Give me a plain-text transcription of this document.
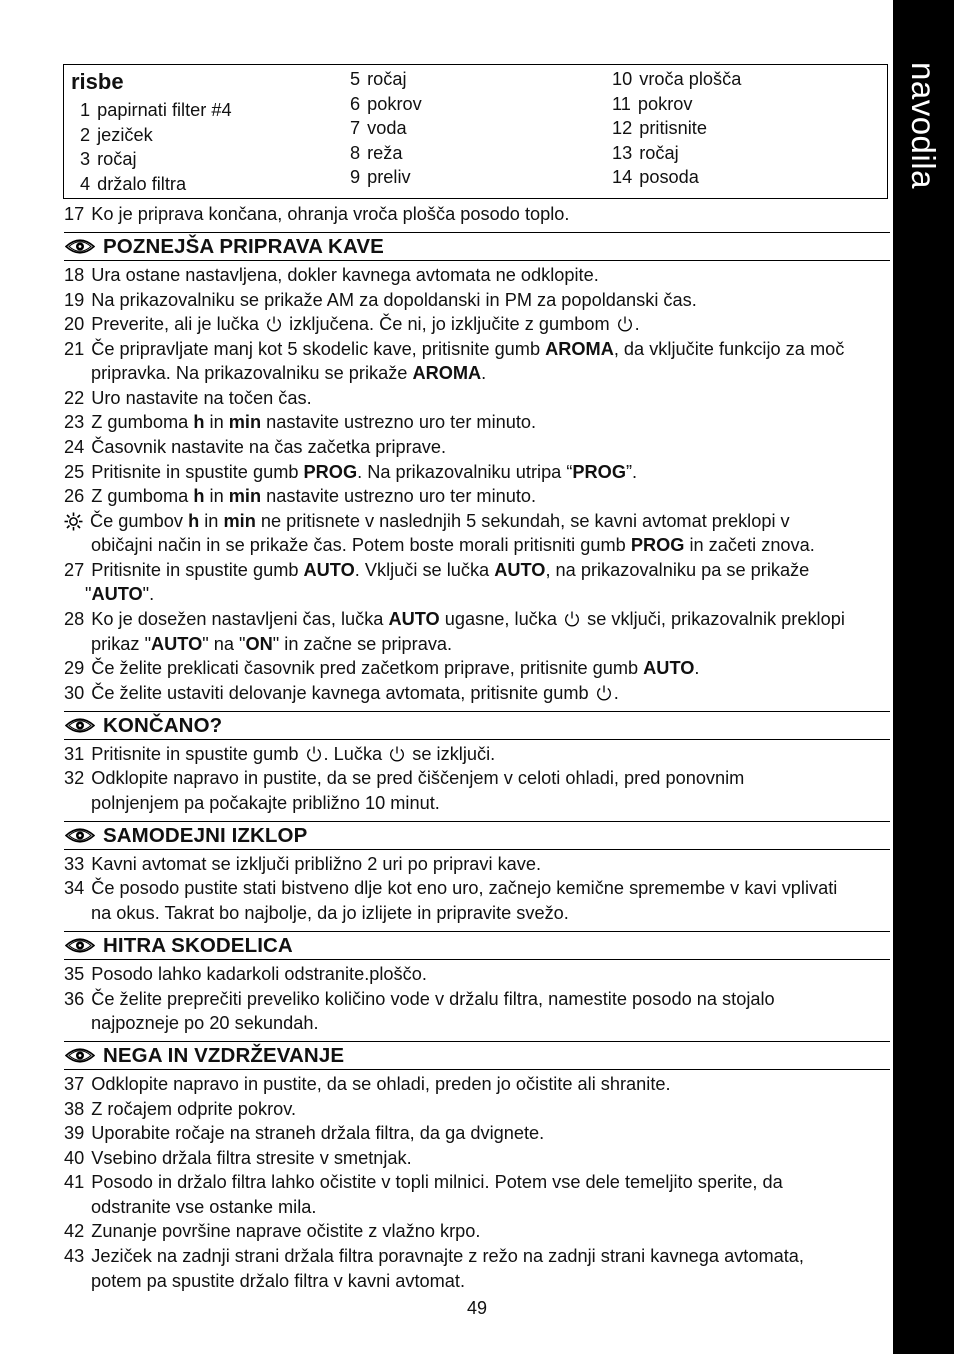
navodila
risbe
1 papirnati filter #4
2 jeziček
3 ročaj
4 držalo filtra
5 ročaj
6 pokrov
7 voda
8 reža
9 preliv
10 vroča plošča
11 pokrov
12 pritisnite
13 ročaj
14 posoda
17 Ko je priprava končana, ohranja vroča plošča posodo toplo.
POZNEJŠA PRIPRAVA KAVE
18 Ura ostane nastavljena, dokler kavnega avtomata ne odklopite.
19 Na prikazovalniku se prikaže AM za dopoldanski in PM za popoldanski čas.
20 Preverite, ali je lučka izključena. Če ni, jo izključite z gumbom .
21 Če pripravljate manj kot 5 skodelic kave, pritisnite gumb AROMA, da vključite funkcijo za moč
pripravka. Na prikazovalniku se prikaže AROMA.
22 Uro nastavite na točen čas.
23 Z gumboma h in min nastavite ustrezno uro ter minuto.
24 Časovnik nastavite na čas začetka priprave.
25 Pritisnite in spustite gumb PROG. Na prikazovalniku utripa “PROG”.
26 Z gumboma h in min nastavite ustrezno uro ter minuto.
Če gumbov h in min ne pritisnete v naslednjih 5 sekundah, se kavni avtomat preklopi v
običajni način in se prikaže čas. Potem boste morali pritisniti gumb PROG in začeti znova.
27 Pritisnite in spustite gumb AUTO. Vključi se lučka AUTO, na prikazovalniku pa se prikaže
"AUTO".
28 Ko je dosežen nastavljeni čas, lučka AUTO ugasne, lučka se vključi, prikazovalnik preklopi
prikaz "AUTO" na "ON" in začne se priprava.
29 Če želite preklicati časovnik pred začetkom priprave, pritisnite gumb AUTO.
30 Če želite ustaviti delovanje kavnega avtomata, pritisnite gumb .
KONČANO?
31 Pritisnite in spustite gumb . Lučka se izključi.
32 Odklopite napravo in pustite, da se pred čiščenjem v celoti ohladi, pred ponovnim
polnjenjem pa počakajte približno 10 minut.
SAMODEJNI IZKLOP
33 Kavni avtomat se izključi približno 2 uri po pripravi kave.
34 Če posodo pustite stati bistveno dlje kot eno uro, začnejo kemične spremembe v kavi vplivati
na okus. Takrat bo najbolje, da jo izlijete in pripravite svežo.
HITRA SKODELICA
35 Posodo lahko kadarkoli odstranite.ploščo.
36 Če želite preprečiti preveliko količino vode v držalu filtra, namestite posodo na stojalo
najpozneje po 20 sekundah.
NEGA IN VZDRŽEVANJE
37 Odklopite napravo in pustite, da se ohladi, preden jo očistite ali shranite.
38 Z ročajem odprite pokrov.
39 Uporabite ročaje na straneh držala filtra, da ga dvignete.
40 Vsebino držala filtra stresite v smetnjak.
41 Posodo in držalo filtra lahko očistite v topli milnici. Potem vse dele temeljito sperite, da
odstranite vse ostanke mila.
42 Zunanje površine naprave očistite z vlažno krpo.
43 Jeziček na zadnji strani držala filtra poravnajte z režo na zadnji strani kavnega avtomata,
potem pa spustite držalo filtra v kavni avtomat.
49
